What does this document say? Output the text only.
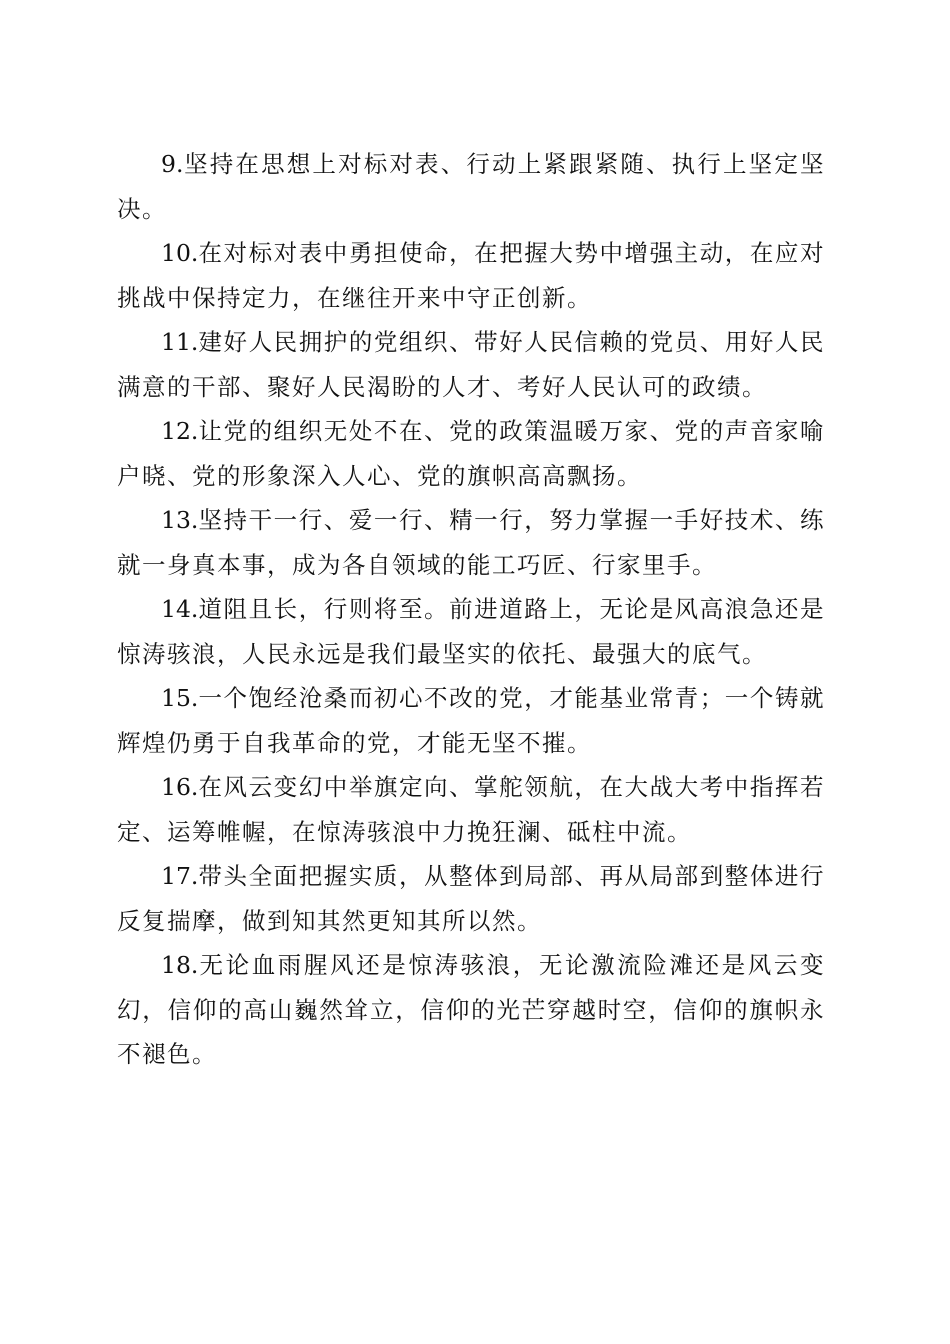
9.坚持在思想上对标对表、行动上紧跟紧随、执行上坚定坚决。

10.在对标对表中勇担使命，在把握大势中增强主动，在应对挑战中保持定力，在继往开来中守正创新。

11.建好人民拥护的党组织、带好人民信赖的党员、用好人民满意的干部、聚好人民渴盼的人才、考好人民认可的政绩。

12.让党的组织无处不在、党的政策温暖万家、党的声音家喻户晓、党的形象深入人心、党的旗帜高高飘扬。

13.坚持干一行、爱一行、精一行，努力掌握一手好技术、练就一身真本事，成为各自领域的能工巧匠、行家里手。

14.道阻且长，行则将至。前进道路上，无论是风高浪急还是惊涛骇浪，人民永远是我们最坚实的依托、最强大的底气。

15.一个饱经沧桑而初心不改的党，才能基业常青；一个铸就辉煌仍勇于自我革命的党，才能无坚不摧。

16.在风云变幻中举旗定向、掌舵领航，在大战大考中指挥若定、运筹帷幄，在惊涛骇浪中力挽狂澜、砥柱中流。

17.带头全面把握实质，从整体到局部、再从局部到整体进行反复揣摩，做到知其然更知其所以然。

18.无论血雨腥风还是惊涛骇浪，无论激流险滩还是风云变幻，信仰的高山巍然耸立，信仰的光芒穿越时空，信仰的旗帜永不褪色。
